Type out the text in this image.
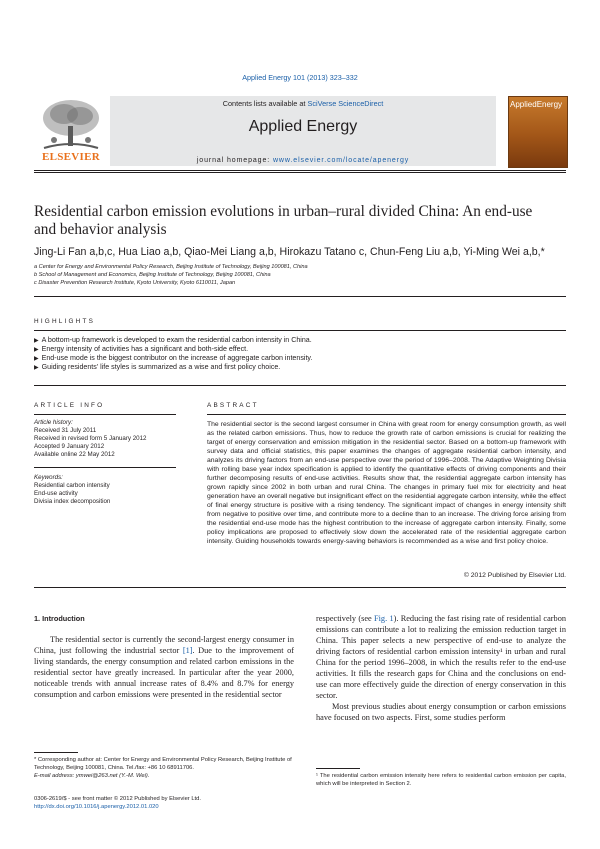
Applied Energy 101 (2013) 323–332
ELSEVIER
Contents lists available at SciVerse ScienceDirect
Applied Energy
journal homepage: www.elsevier.com/locate/apenergy
AppliedEnergy
Residential carbon emission evolutions in urban–rural divided China: An end-use and behavior analysis
Jing-Li Fan a,b,c, Hua Liao a,b, Qiao-Mei Liang a,b, Hirokazu Tatano c, Chun-Feng Liu a,b, Yi-Ming Wei a,b,*
a Center for Energy and Environmental Policy Research, Beijing Institute of Technology, Beijing 100081, China
b School of Management and Economics, Beijing Institute of Technology, Beijing 100081, China
c Disaster Prevention Research Institute, Kyoto University, Kyoto 6110011, Japan
HIGHLIGHTS
▶ A bottom-up framework is developed to exam the residential carbon intensity in China.
▶ Energy intensity of activities has a significant and both-side effect.
▶ End-use mode is the biggest contributor on the increase of aggregate carbon intensity.
▶ Guiding residents’ life styles is summarized as a wise and first policy choice.
ARTICLE INFO
Article history:
Received 31 July 2011
Received in revised form 5 January 2012
Accepted 9 January 2012
Available online 22 May 2012
Keywords:
Residential carbon intensity
End-use activity
Divisia index decomposition
ABSTRACT
The residential sector is the second largest consumer in China with great room for energy consumption growth, as well as the related carbon emissions. Thus, how to reduce the growth rate of carbon emissions is crucial for realizing the target of energy conservation and emission mitigation in the residential sector. Based on a bottom-up framework with survey data and official statistics, this paper examines the changes of aggregate residential carbon intensity, and analyzes its driving factors from an end-use perspective over the period of 1996–2008. The Adaptive Weighting Divisia with rolling base year index specification is applied to identify the quantitative effects of driving components and their further decomposing results of end-use activities. Results show that, the residential aggregate carbon intensity has grown rapidly since 2002 in both urban and rural China. The changes in primary fuel mix for electricity and heat generation have an overall negative but insignificant effect on the residential aggregate carbon intensity, while the effect of final energy structure is positive with a rising tendency. The significant impact of changes in energy intensity shift from negative to positive over time, and contribute more to a decline than to an increase. The driving force arising from the residential end-use mode has the highest contribution to the increase of aggregate carbon intensity. Finally, some policy implications are proposed to effectively slow down the accelerated rate of the residential aggregate carbon intensity. Guiding households towards energy-saving behaviors is recommended as a wise and first policy choice.
© 2012 Published by Elsevier Ltd.
1. Introduction

The residential sector is currently the second-largest energy consumer in China, just following the industrial sector [1]. Due to the improvement of living standards, the energy consumption and related carbon emissions in the residential sector have greatly increased. In particular after the year 2000, noticeable trends with annual increase rates of 8.4% and 8.7% for energy consumption and carbon emissions were presented in the residential sector

respectively (see Fig. 1). Reducing the fast rising rate of residential carbon emissions can contribute a lot to realizing the emission reduction target in China. This paper selects a new perspective of end-use to analyze the driving factors of residential carbon emission intensity¹ in urban and rural China for the period 1996–2008, in which the results refer to the end-use activities. It fills the research gaps for China and the conclusions on end-use can more effectively guide the direction of energy conservation in this sector.

Most previous studies about energy consumption or carbon emissions have focused on two aspects. First, some studies perform

* Corresponding author at: Center for Energy and Environmental Policy Research, Beijing Institute of Technology, Beijing 100081, China. Tel./fax: +86 10 68911706.
E-mail address: ymwei@263.net (Y.-M. Wei).	¹ The residential carbon emission intensity here refers to residential carbon emission per capita, which will be interpreted in Section 2.
0306-2619/$ - see front matter © 2012 Published by Elsevier Ltd.
http://dx.doi.org/10.1016/j.apenergy.2012.01.020
